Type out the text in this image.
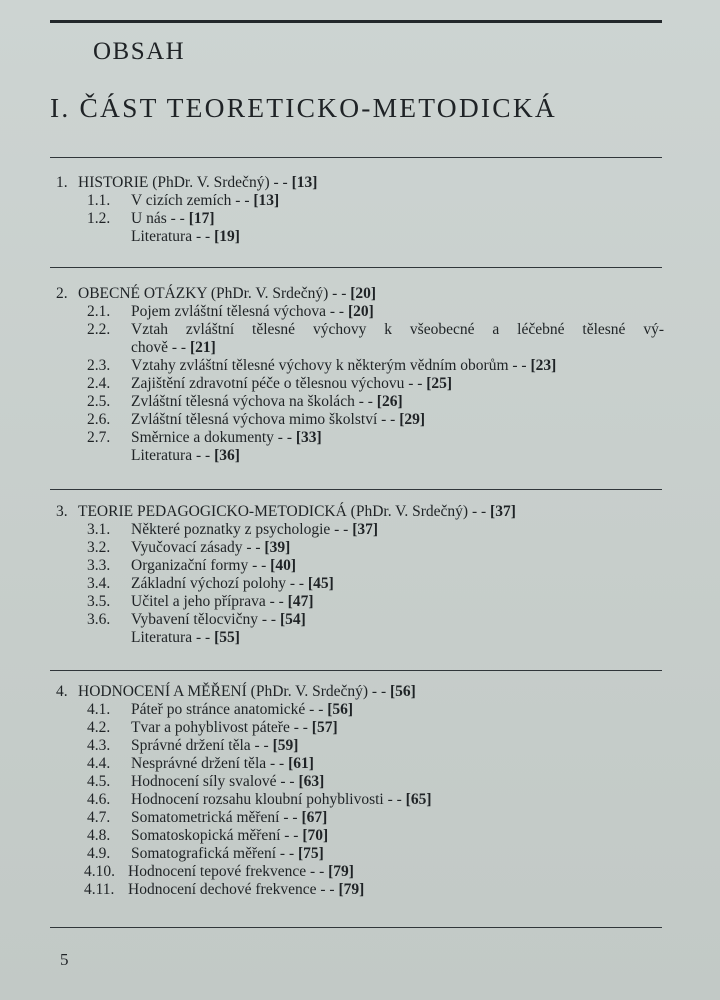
OBSAH
I. ČÁST TEORETICKO-METODICKÁ
1. HISTORIE (PhDr. V. Srdečný) - - [13]
1.1. V cizích zemích - - [13]
1.2. U nás - - [17]
Literatura - - [19]
2. OBECNÉ OTÁZKY (PhDr. V. Srdečný) - - [20]
2.1. Pojem zvláštní tělesná výchova - - [20]
2.2. Vztah zvláštní tělesné výchovy k všeobecné a léčebné tělesné vý-
chově - - [21]
2.3. Vztahy zvláštní tělesné výchovy k některým vědním oborům - - [23]
2.4. Zajištění zdravotní péče o tělesnou výchovu - - [25]
2.5. Zvláštní tělesná výchova na školách - - [26]
2.6. Zvláštní tělesná výchova mimo školství - - [29]
2.7. Směrnice a dokumenty - - [33]
Literatura - - [36]
3. TEORIE PEDAGOGICKO-METODICKÁ (PhDr. V. Srdečný) - - [37]
3.1. Některé poznatky z psychologie - - [37]
3.2. Vyučovací zásady - - [39]
3.3. Organizační formy - - [40]
3.4. Základní výchozí polohy - - [45]
3.5. Učitel a jeho příprava - - [47]
3.6. Vybavení tělocvičny - - [54]
Literatura - - [55]
4. HODNOCENÍ A MĚŘENÍ (PhDr. V. Srdečný) - - [56]
4.1. Páteř po stránce anatomické - - [56]
4.2. Tvar a pohyblivost páteře - - [57]
4.3. Správné držení těla - - [59]
4.4. Nesprávné držení těla - - [61]
4.5. Hodnocení síly svalové - - [63]
4.6. Hodnocení rozsahu kloubní pohyblivosti - - [65]
4.7. Somatometrická měření - - [67]
4.8. Somatoskopická měření - - [70]
4.9. Somatografická měření - - [75]
4.10. Hodnocení tepové frekvence - - [79]
4.11. Hodnocení dechové frekvence - - [79]
5
